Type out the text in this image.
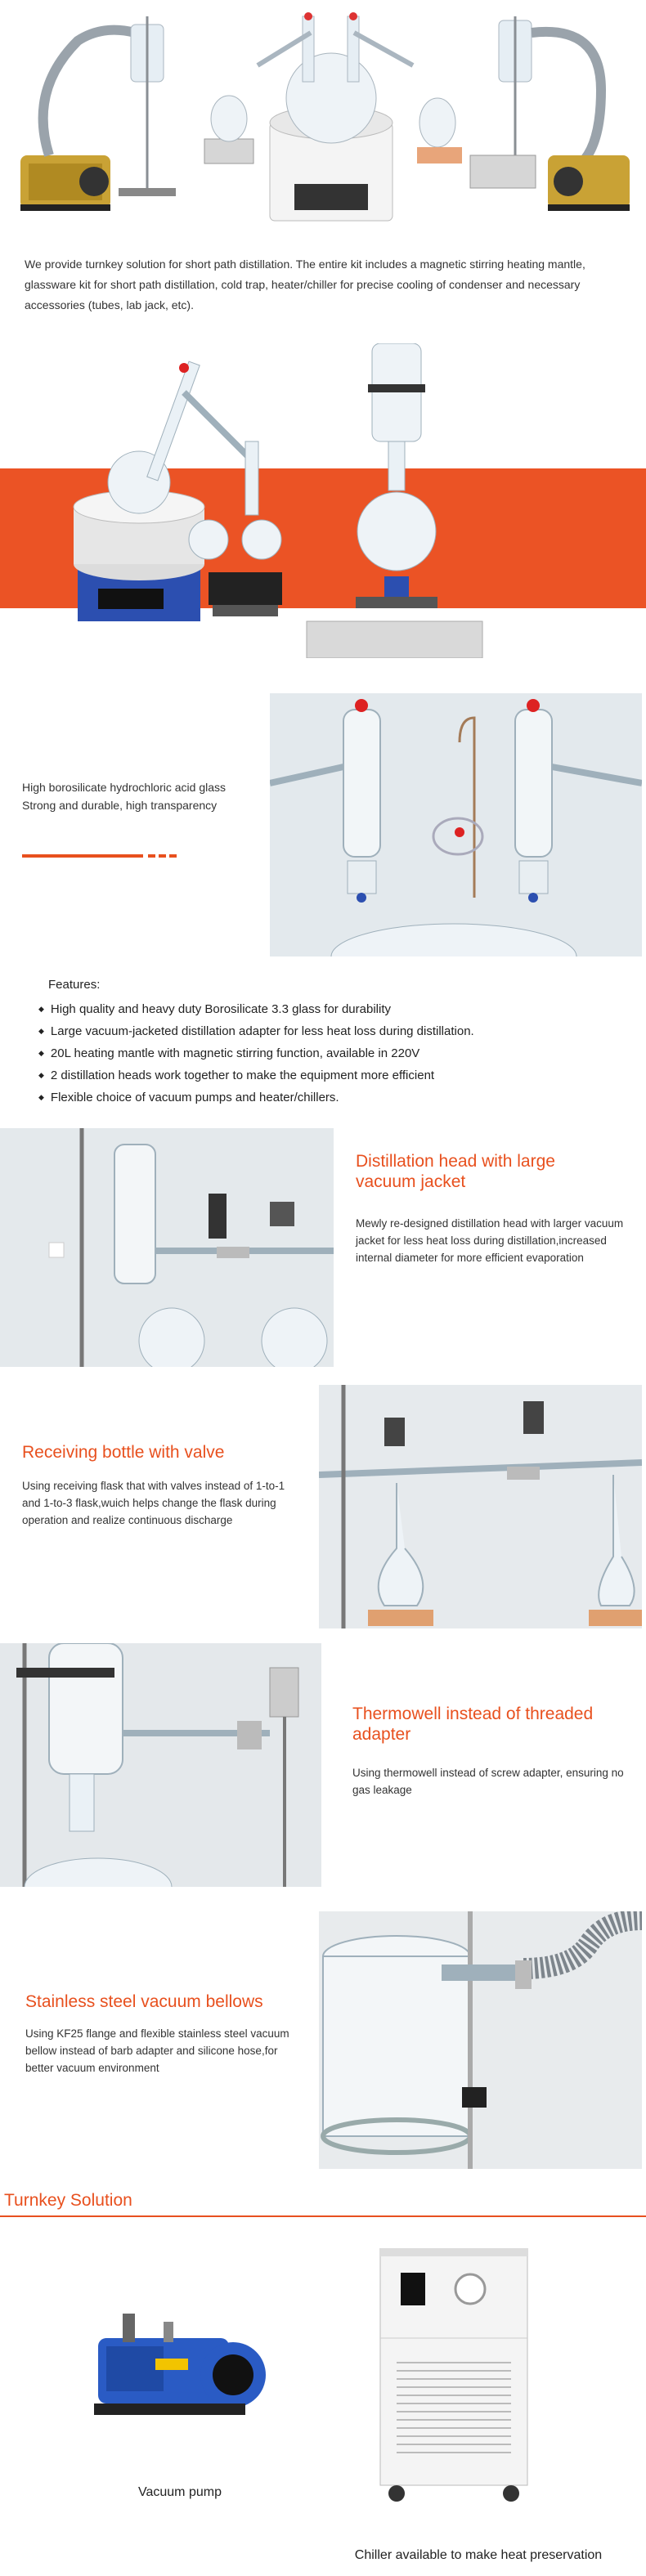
We provide turnkey solution for short path distillation. The entire kit includes a magnetic stirring heating mantle, glassware kit for short path distillation, cold trap, heater/chiller for precise cooling of condenser and necessary accessories (tubes, lab jack, etc).
High borosilicate hydrochloric acid glass
Strong and durable, high transparency
Features:
◆ High quality and heavy duty Borosilicate 3.3 glass for durability
◆ Large vacuum-jacketed distillation adapter for less heat loss during distillation.
◆ 20L heating mantle with magnetic stirring function, available in 220V
◆ 2 distillation heads work together to make the equipment more efficient
◆ Flexible choice of vacuum pumps and heater/chillers.
Distillation head with large vacuum jacket
Mewly re-designed distillation head with larger vacuum jacket for less heat loss during distillation,increased internal diameter for more efficient evaporation
Receiving bottle with valve
Using receiving flask that with valves instead of 1-to-1 and 1-to-3 flask,wuich helps change the flask during operation and realize continuous discharge
Thermowell instead of threaded adapter
Using thermowell instead of screw adapter, ensuring no gas leakage
Stainless steel vacuum bellows
Using KF25 flange and flexible stainless steel vacuum bellow instead of barb adapter and silicone hose,for better vacuum environment
Turnkey Solution
Vacuum pump
Chiller available to make heat preservation
